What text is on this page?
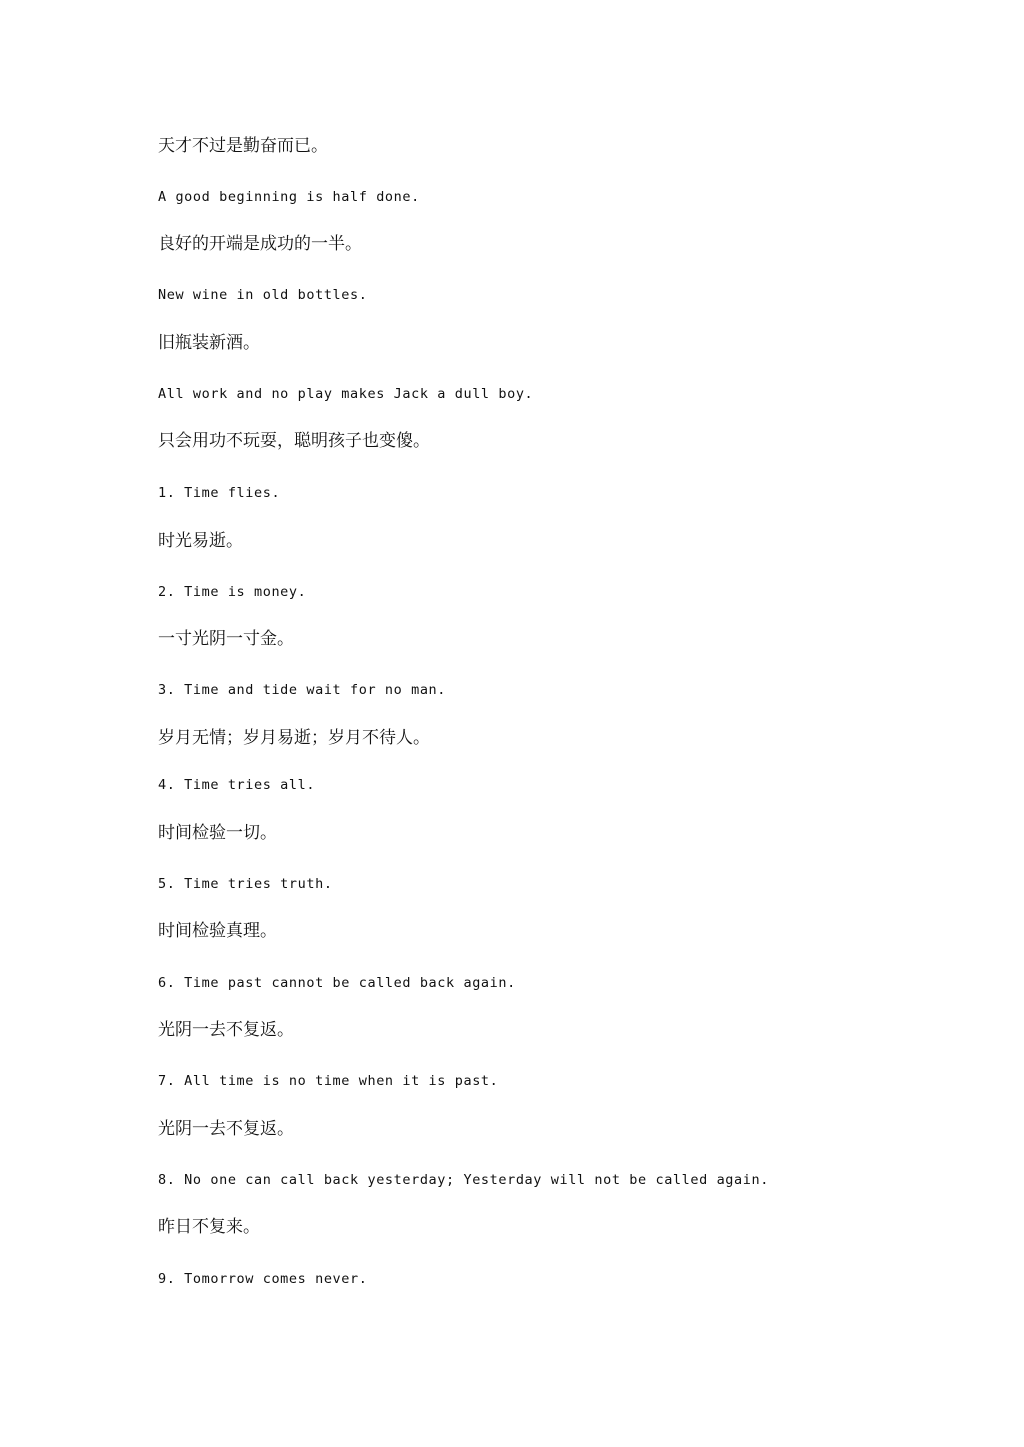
天才不过是勤奋而已。
A good beginning is half done.
良好的开端是成功的一半。
New wine in old bottles.
旧瓶装新酒。
All work and no play makes Jack a dull boy.
只会用功不玩耍，聪明孩子也变傻。
1. Time flies.
时光易逝。
2. Time is money.
一寸光阴一寸金。
3. Time and tide wait for no man.
岁月无情；岁月易逝；岁月不待人。
4. Time tries all.
时间检验一切。
5. Time tries truth.
时间检验真理。
6. Time past cannot be called back again.
光阴一去不复返。
7. All time is no time when it is past.
光阴一去不复返。
8. No one can call back yesterday; Yesterday will not be called again.
昨日不复来。
9. Tomorrow comes never.
